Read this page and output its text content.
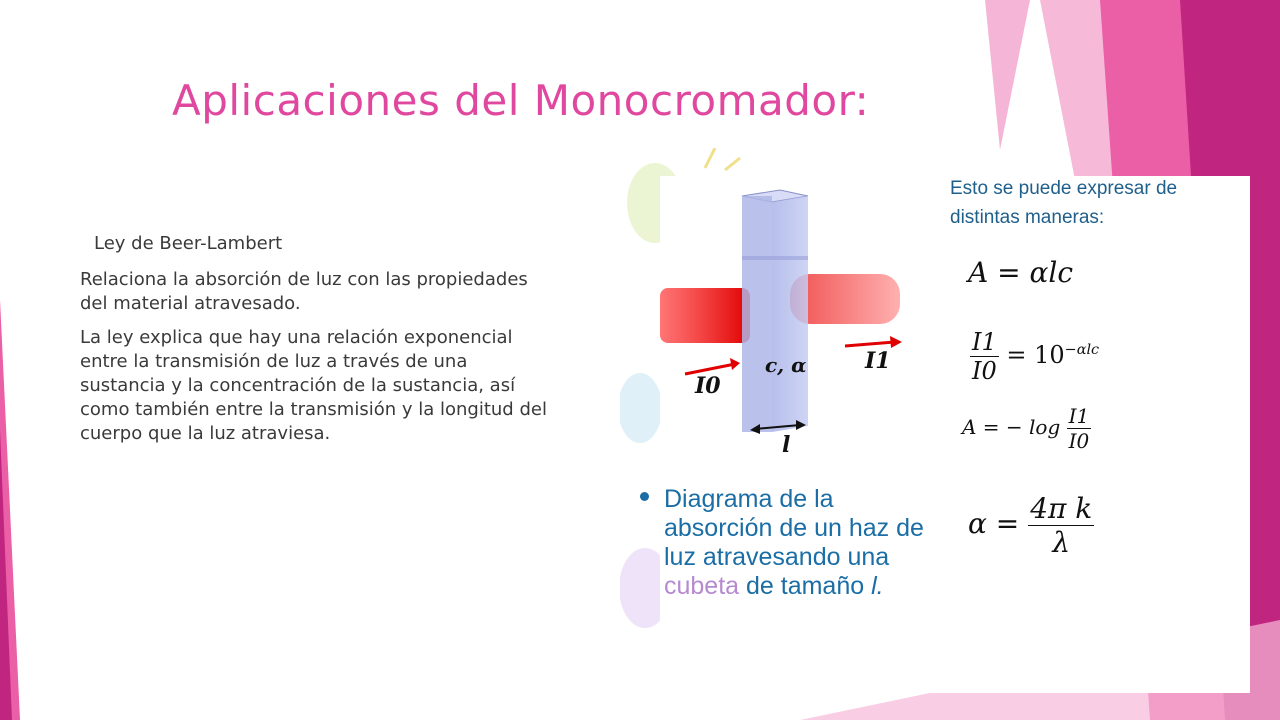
Aplicaciones del Monocromador:

Ley de Beer-Lambert

Relaciona la absorción de luz con las propiedades del material atravesado.

La ley explica que hay una relación exponencial entre la transmisión de luz a través de una sustancia y la concentración de la sustancia, así como también entre la transmisión y la longitud del cuerpo que la luz atraviesa.

I0
I1
c, α
l
Diagrama de la absorción de un haz de luz atravesando una cubeta de tamaño l.
Esto se puede expresar de distintas maneras:
A = αlc
$\frac{I1}{I0} = 10^{-\alpha lc}$
A = − $\log \frac{I1}{I0}$
$\alpha = \frac{\text{4π k}}{\lambda}$
